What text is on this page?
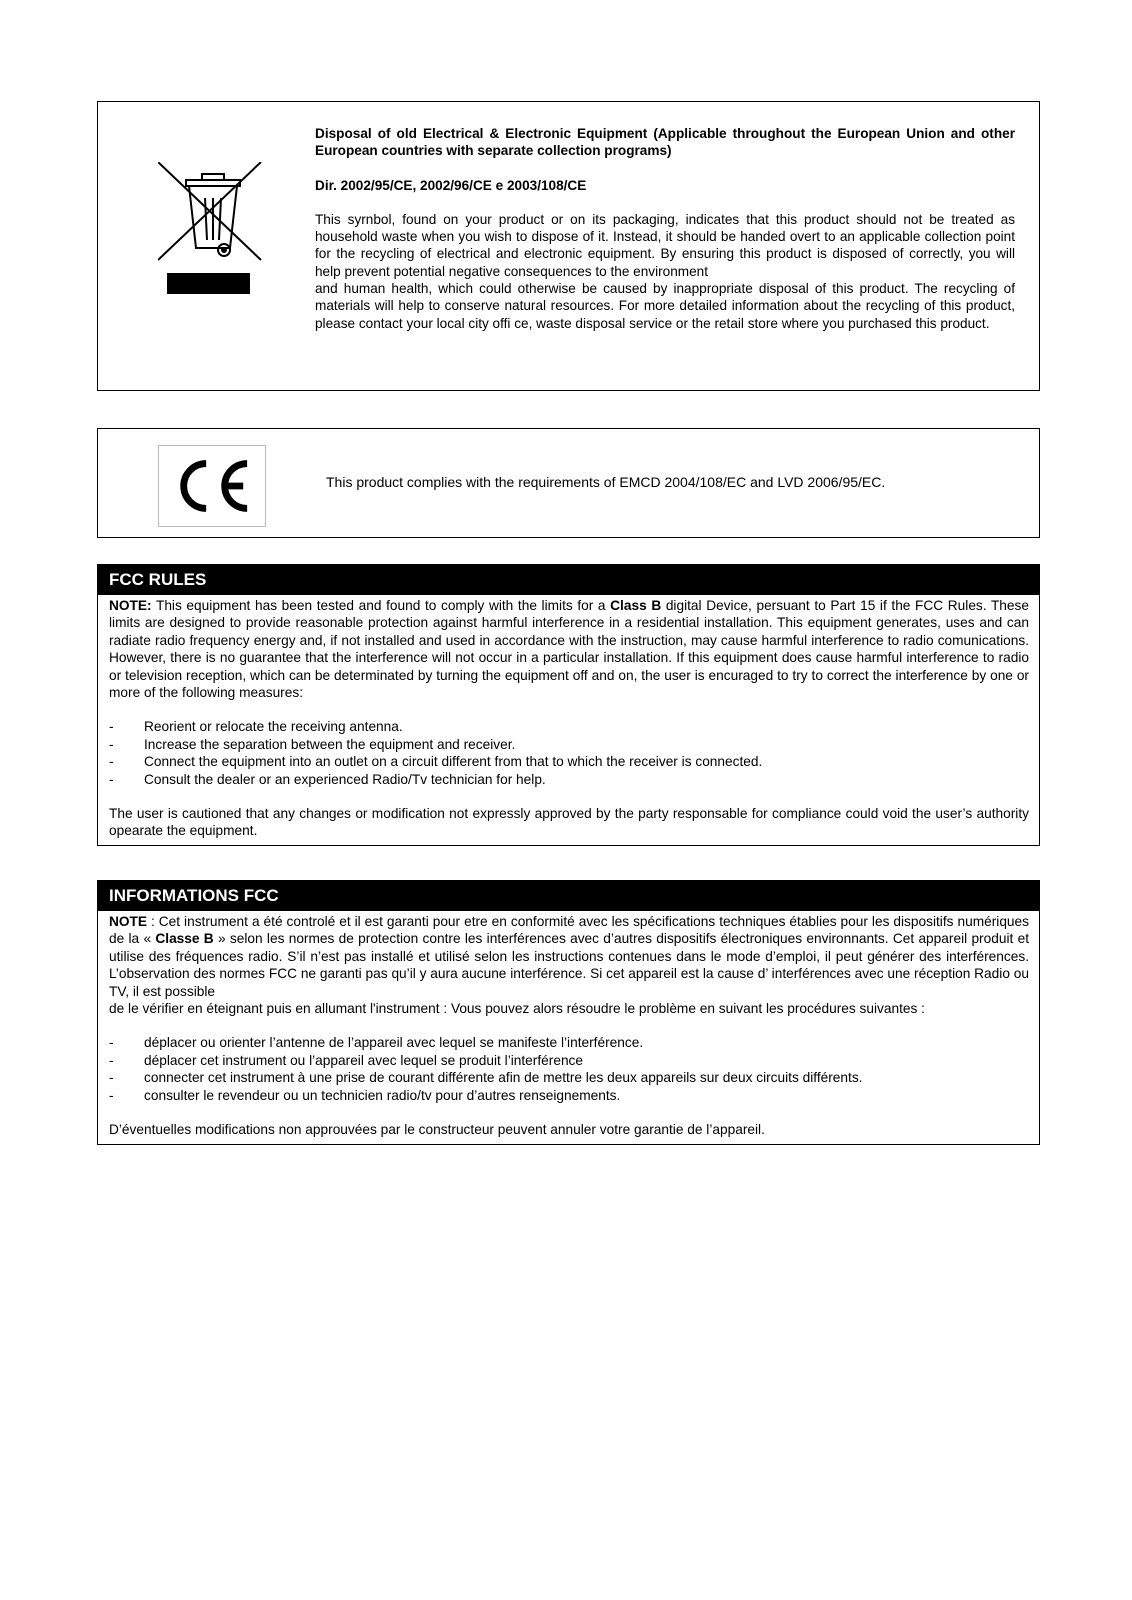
Disposal of old Electrical & Electronic Equipment (Applicable throughout the European Union and other European countries with separate collection programs)

Dir. 2002/95/CE, 2002/96/CE e 2003/108/CE

This syrnbol, found on your product or on its packaging, indicates that this product should not be treated as household waste when you wish to dispose of it. Instead, it should be handed overt to an applicable collection point for the recycling of electrical and electronic equipment. By ensuring this product is disposed of correctly, you will help prevent potential negative consequences to the environment

and human health, which could otherwise be caused by inappropriate disposal of this product. The recycling of materials will help to conserve natural resources. For more detailed information about the recycling of this product, please contact your local city offi ce, waste disposal service or the retail store where you purchased this product.

This product complies with the requirements of EMCD 2004/108/EC and LVD 2006/95/EC.
FCC RULES

NOTE: This equipment has been tested and found to comply with the limits for a Class B digital Device, persuant to Part 15 if the FCC Rules. These limits are designed to provide reasonable protection against harmful interference in a residential installation. This equipment generates, uses and can radiate radio frequency energy and, if not installed and used in accordance with the instruction, may cause harmful interference to radio comunications. However, there is no guarantee that the interference will not occur in a particular installation. If this equipment does cause harmful interference to radio or television reception, which can be determinated by turning the equipment off and on, the user is encuraged to try to correct the interference by one or more of the following measures:

- Reorient or relocate the receiving antenna.
- Increase the separation between the equipment and receiver.
- Connect the equipment into an outlet on a circuit different from that to which the receiver is connected.
- Consult the dealer or an experienced Radio/Tv technician for help.

The user is cautioned that any changes or modification not expressly approved by the party responsable for compliance could void the user’s authority opearate the equipment.

INFORMATIONS FCC

NOTE : Cet instrument a été controlé et il est garanti pour etre en conformité avec les spécifications techniques établies pour les dispositifs numériques de la « Classe B » selon les normes de protection contre les interférences avec d’autres dispositifs électroniques environnants. Cet appareil produit et utilise des fréquences radio. S’il n’est pas installé et utilisé selon les instructions contenues dans le mode d’emploi, il peut générer des interférences. L’observation des normes FCC ne garanti pas qu’il y aura aucune interférence. Si cet appareil est la cause d’ interférences avec une réception Radio ou TV, il est possible

de le vérifier en éteignant puis en allumant l'instrument : Vous pouvez alors résoudre le problème en suivant les procédures suivantes :

- déplacer ou orienter l’antenne de l’appareil avec lequel se manifeste l’interférence.
- déplacer cet instrument ou l’appareil avec lequel se produit l’interférence
- connecter cet instrument à une prise de courant différente afin de mettre les deux appareils sur deux circuits différents.
- consulter le revendeur ou un technicien radio/tv pour d’autres renseignements.

D’éventuelles modifications non approuvées par le constructeur peuvent annuler votre garantie de l’appareil.
